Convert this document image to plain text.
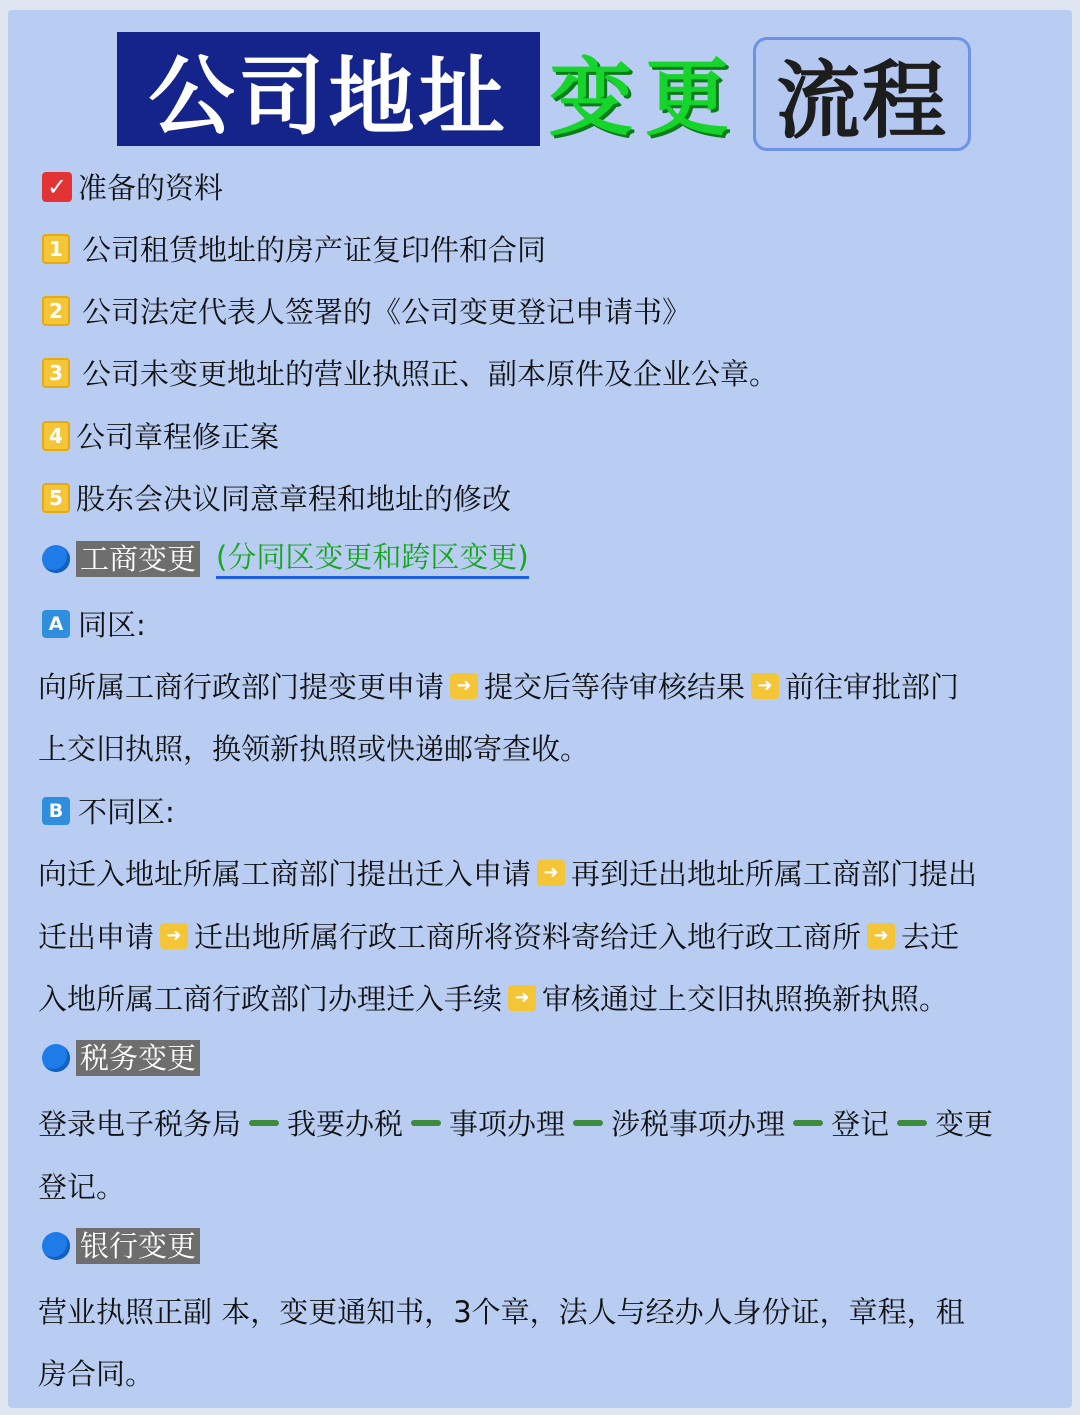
公司地址 变更 流程
✓ 准备的资料
1 公司租赁地址的房产证复印件和合同
2 公司法定代表人签署的《公司变更登记申请书》
3 公司未变更地址的营业执照正、副本原件及企业公章。
4 公司章程修正案
5 股东会决议同意章程和地址的修改
工商变更 (分同区变更和跨区变更)
A 同区:
向所属工商行政部门提变更申请 ➜ 提交后等待审核结果 ➜ 前往审批部门
上交旧执照，换领新执照或快递邮寄查收。
B 不同区:
向迁入地址所属工商部门提出迁入申请 ➜ 再到迁出地址所属工商部门提出
迁出申请 ➜ 迁出地所属行政工商所将资料寄给迁入地行政工商所 ➜ 去迁
入地所属工商行政部门办理迁入手续 ➜ 审核通过上交旧执照换新执照。
税务变更
登录电子税务局 我要办税 事项办理 涉税事项办理 登记 变更
登记。
银行变更
营业执照正副 本，变更通知书，3个章，法人与经办人身份证，章程，租
房合同。
